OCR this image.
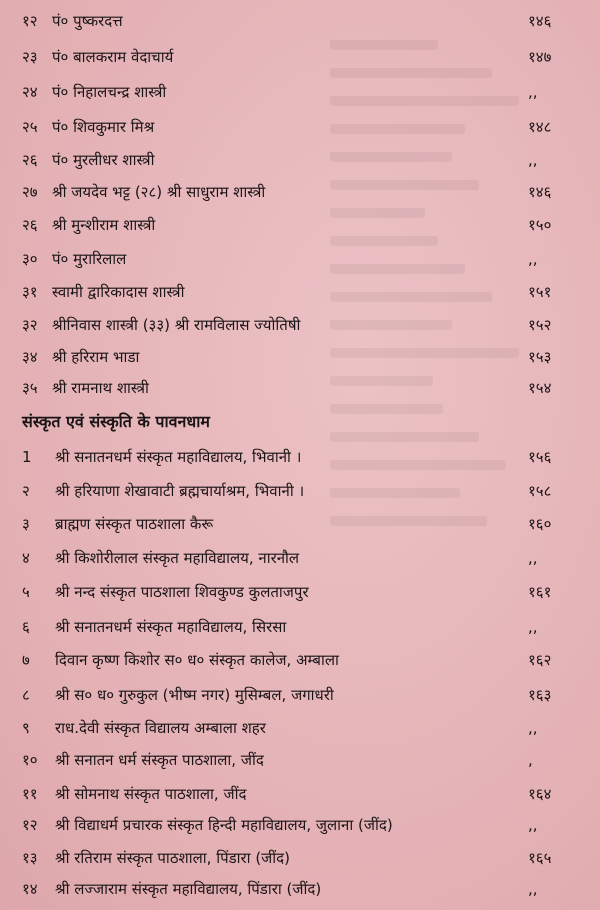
१२ पं० पुष्करदत्त	१४६
२३ पं० बालकराम वेदाचार्य	१४७
२४ पं० निहालचन्द्र शास्त्री	,,
२५ पं० शिवकुमार मिश्र	१४८
२६ पं० मुरलीधर शास्त्री	,,
२७ श्री जयदेव भट्ट (२८) श्री साधुराम शास्त्री	१४६
२६ श्री मुन्शीराम शास्त्री	१५०
३० पं० मुरारिलाल	,,
३१ स्वामी द्वारिकादास शास्त्री	१५१
३२ श्रीनिवास शास्त्री (३३) श्री रामविलास ज्योतिषी	१५२
३४ श्री हरिराम भाडा	१५३
३५ श्री रामनाथ शास्त्री	१५४
संस्कृत एवं संस्कृति के पावनधाम
1 श्री सनातनधर्म संस्कृत महाविद्यालय, भिवानी ।	१५६
२ श्री हरियाणा शेखावाटी ब्रह्मचार्याश्रम, भिवानी ।	१५८
३ ब्राह्मण संस्कृत पाठशाला कैरू	१६०
४ श्री किशोरीलाल संस्कृत महाविद्यालय, नारनौल	,,
५ श्री नन्द संस्कृत पाठशाला शिवकुण्ड कुलताजपुर	१६१
६ श्री सनातनधर्म संस्कृत महाविद्यालय, सिरसा	,,
७ दिवान कृष्ण किशोर स० ध० संस्कृत कालेज, अम्बाला	१६२
८ श्री स० ध० गुरुकुल (भीष्म नगर) मुसिम्बल, जगाधरी	१६३
९ राध.देवी संस्कृत विद्यालय अम्बाला शहर	,,
१० श्री सनातन धर्म संस्कृत पाठशाला, जींद	,
११ श्री सोमनाथ संस्कृत पाठशाला, जींद	१६४
१२ श्री विद्याधर्म प्रचारक संस्कृत हिन्दी महाविद्यालय, जुलाना (जींद)	,,
१३ श्री रतिराम संस्कृत पाठशाला, पिंडारा (जींद)	१६५
१४ श्री लज्जाराम संस्कृत महाविद्यालय, पिंडारा (जींद)	,,
